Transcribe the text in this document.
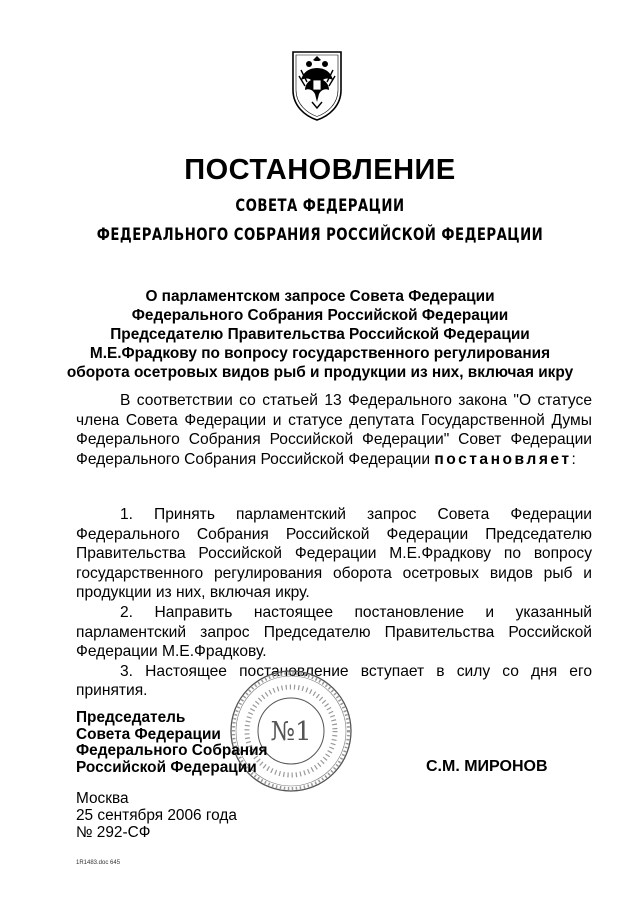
ПОСТАНОВЛЕНИЕ
СОВЕТА ФЕДЕРАЦИИ
ФЕДЕРАЛЬНОГО СОБРАНИЯ РОССИЙСКОЙ ФЕДЕРАЦИИ
О парламентском запросе Совета Федерации
Федерального Собрания Российской Федерации
Председателю Правительства Российской Федерации
М.Е.Фрадкову по вопросу государственного регулирования
оборота осетровых видов рыб и продукции из них, включая икру

В соответствии со статьей 13 Федерального закона "О статусе члена Совета Федерации и статусе депутата Государственной Думы Федерального Собрания Российской Федерации" Совет Федерации Федерального Собрания Российской Федерации постановляет:

1. Принять парламентский запрос Совета Федерации Федерального Собрания Российской Федерации Председателю Правительства Российской Федерации М.Е.Фрадкову по вопросу государственного регулирования оборота осетровых видов рыб и продукции из них, включая икру.

2. Направить настоящее постановление и указанный парламентский запрос Председателю Правительства Российской Федерации М.Е.Фрадкову.

3. Настоящее постановление вступает в силу со дня его принятия.

№1
Председатель
Совета Федерации
Федерального Собрания
Российской Федерации	С.М. МИРОНОВ
Москва
25 сентября 2006 года
№ 292-СФ
1R1483.doc 645
